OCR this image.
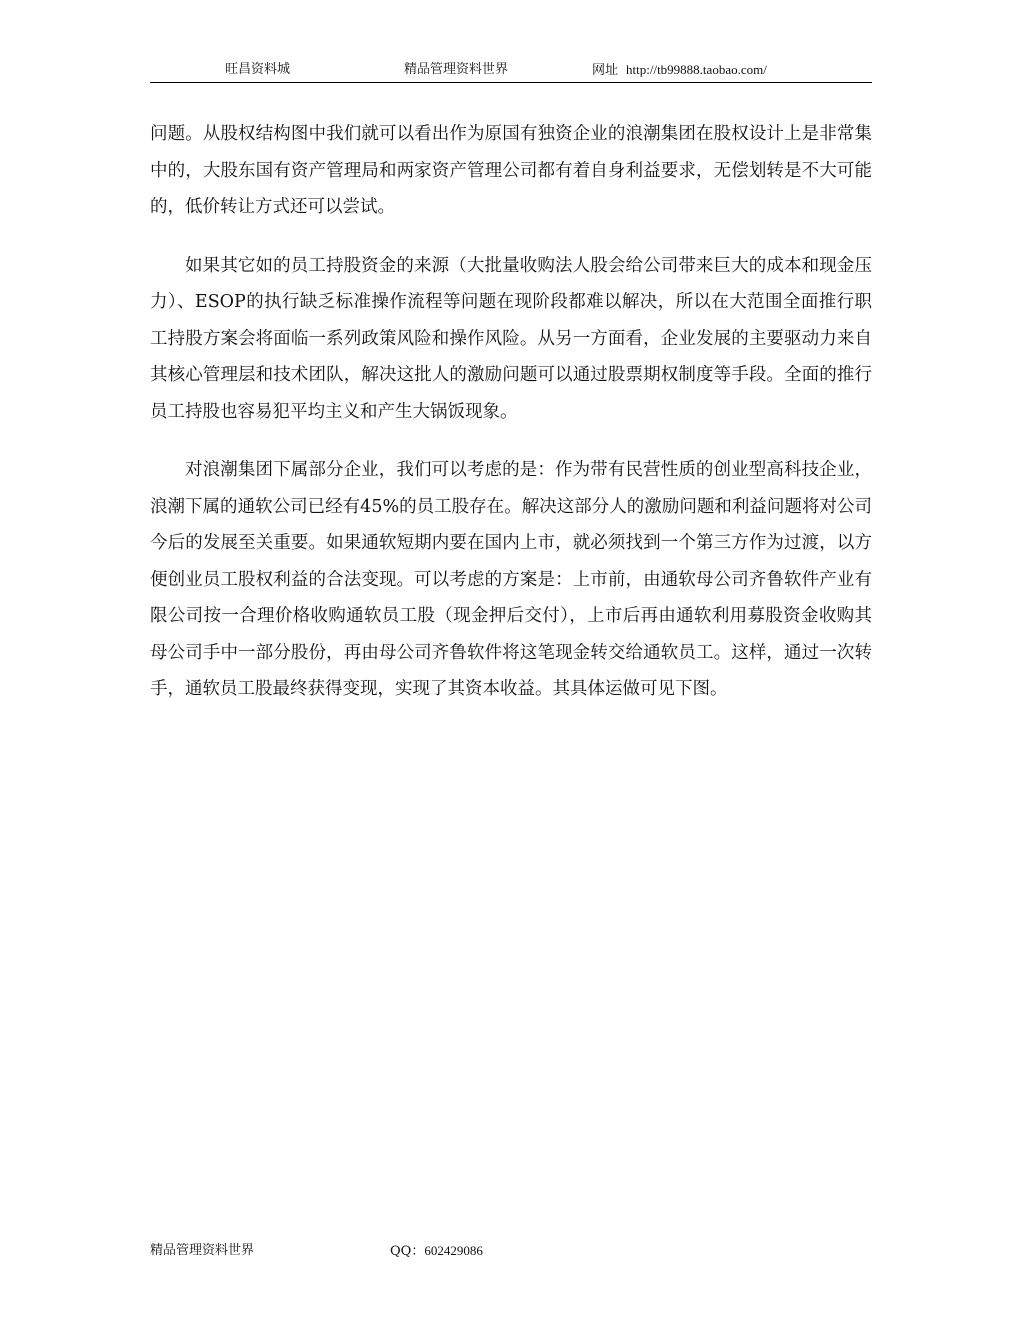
旺昌资料城	精品管理资料世界	网址 http://tb99888.taobao.com/

问题。从股权结构图中我们就可以看出作为原国有独资企业的浪潮集团在股权设计上是非常集中的，大股东国有资产管理局和两家资产管理公司都有着自身利益要求，无偿划转是不大可能的，低价转让方式还可以尝试。

如果其它如的员工持股资金的来源（大批量收购法人股会给公司带来巨大的成本和现金压力）、ESOP的执行缺乏标准操作流程等问题在现阶段都难以解决，所以在大范围全面推行职工持股方案会将面临一系列政策风险和操作风险。从另一方面看，企业发展的主要驱动力来自其核心管理层和技术团队，解决这批人的激励问题可以通过股票期权制度等手段。全面的推行员工持股也容易犯平均主义和产生大锅饭现象。

对浪潮集团下属部分企业，我们可以考虑的是：作为带有民营性质的创业型高科技企业，浪潮下属的通软公司已经有45%的员工股存在。解决这部分人的激励问题和利益问题将对公司今后的发展至关重要。如果通软短期内要在国内上市，就必须找到一个第三方作为过渡，以方便创业员工股权利益的合法变现。可以考虑的方案是：上市前，由通软母公司齐鲁软件产业有限公司按一合理价格收购通软员工股（现金押后交付），上市后再由通软利用募股资金收购其母公司手中一部分股份，再由母公司齐鲁软件将这笔现金转交给通软员工。这样，通过一次转手，通软员工股最终获得变现，实现了其资本收益。其具体运做可见下图。

精品管理资料世界	QQ：602429086
